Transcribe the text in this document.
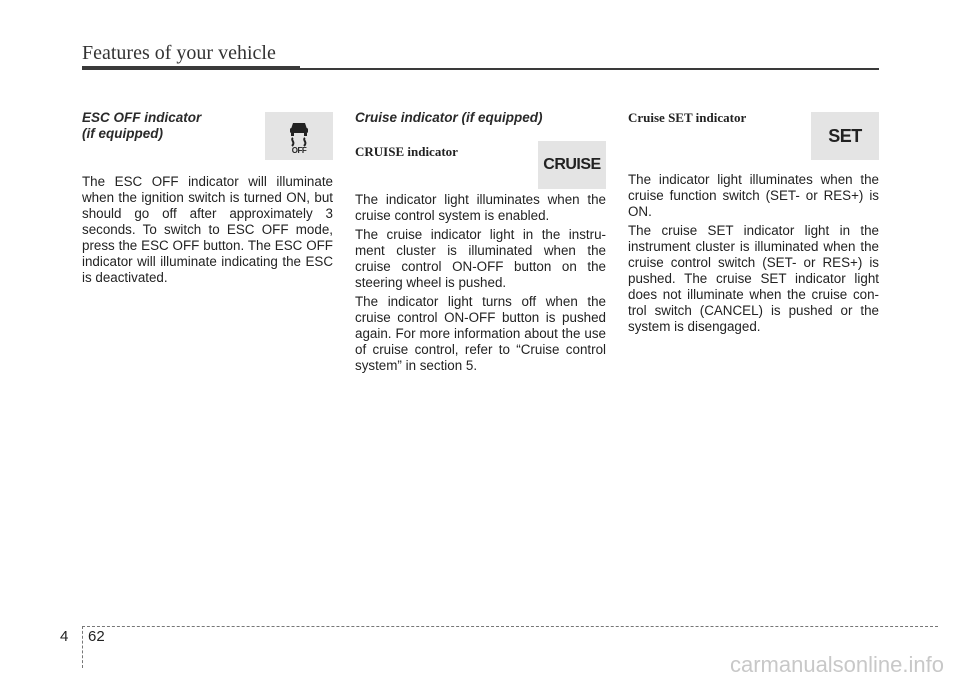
Features of your vehicle

ESC OFF indicator

(if equipped)

The ESC OFF indicator will illuminate when the ignition switch is turned ON, but should go off after approximately 3 seconds. To switch to ESC OFF mode, press the ESC OFF button. The ESC OFF indicator will illuminate indicating the ESC is deactivated.

OFF

Cruise indicator (if equipped)

CRUISE indicator

The indicator light illuminates when the cruise control system is enabled.

The cruise indicator light in the instru-ment cluster is illuminated when the cruise control ON-OFF button on the steering wheel is pushed.

The indicator light turns off when the cruise control ON-OFF button is pushed again. For more information about the use of cruise control, refer to “Cruise control system” in section 5.

CRUISE

Cruise SET indicator

The indicator light illuminates when the cruise function switch (SET- or RES+) is ON.

The cruise SET indicator light in the instrument cluster is illuminated when the cruise control switch (SET- or RES+) is pushed. The cruise SET indicator light does not illuminate when the cruise con-trol switch (CANCEL) is pushed or the system is disengaged.

SET
4 62
carmanualsonline.info
